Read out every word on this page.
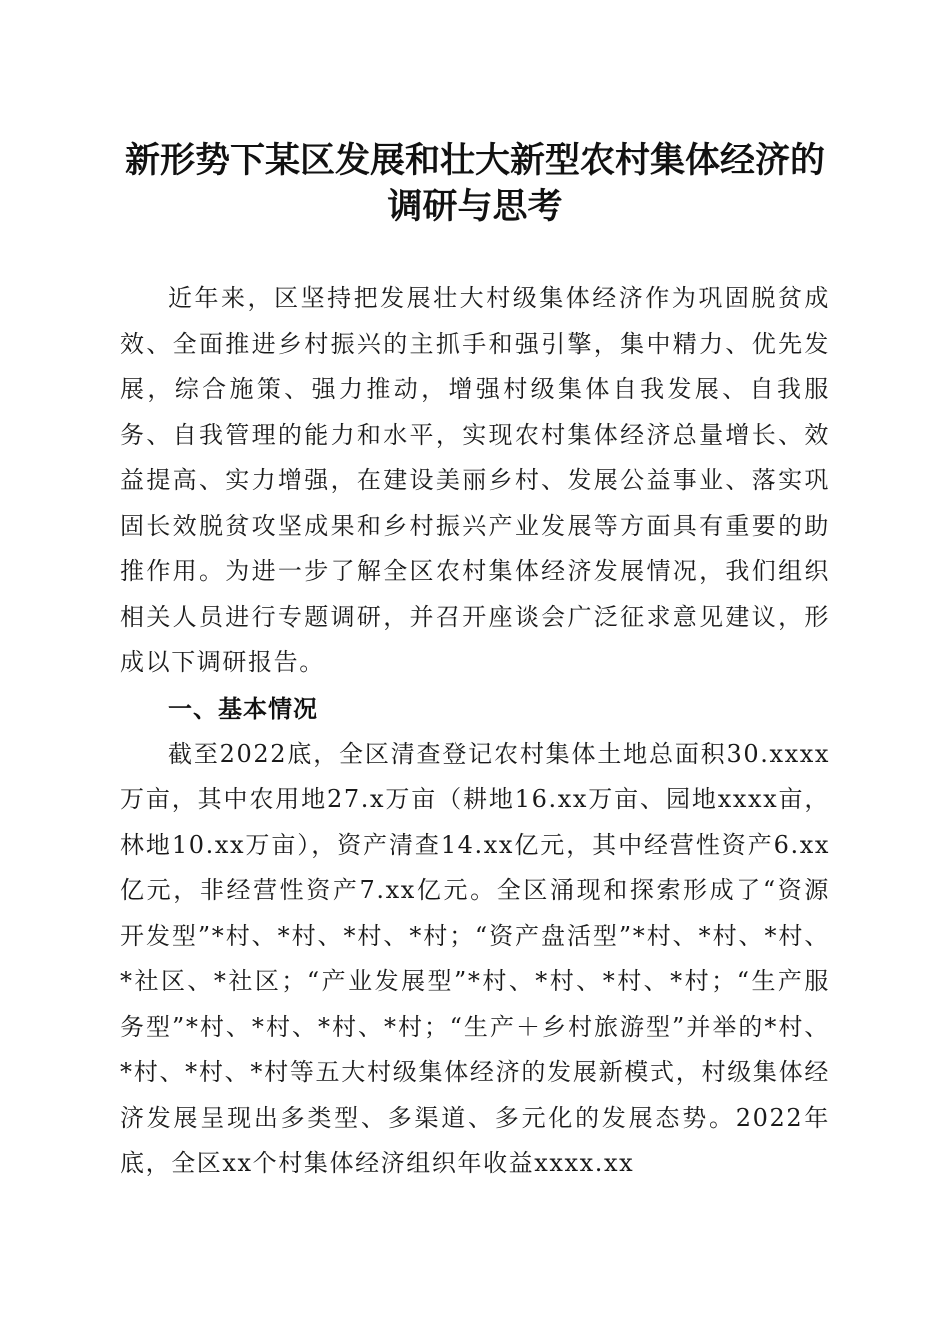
新形势下某区发展和壮大新型农村集体经济的
调研与思考

近年来，区坚持把发展壮大村级集体经济作为巩固脱贫成效、全面推进乡村振兴的主抓手和强引擎，集中精力、优先发展，综合施策、强力推动，增强村级集体自我发展、自我服务、自我管理的能力和水平，实现农村集体经济总量增长、效益提高、实力增强，在建设美丽乡村、发展公益事业、落实巩固长效脱贫攻坚成果和乡村振兴产业发展等方面具有重要的助推作用。为进一步了解全区农村集体经济发展情况，我们组织相关人员进行专题调研，并召开座谈会广泛征求意见建议，形成以下调研报告。

一、基本情况

截至2022底，全区清查登记农村集体土地总面积30.xxxx万亩，其中农用地27.x万亩（耕地16.xx万亩、园地xxxx亩，林地10.xx万亩），资产清查14.xx亿元，其中经营性资产6.xx亿元，非经营性资产7.xx亿元。全区涌现和探索形成了“资源开发型”*村、*村、*村、*村；“资产盘活型”*村、*村、*村、*社区、*社区；“产业发展型”*村、*村、*村、*村；“生产服务型”*村、*村、*村、*村；“生产＋乡村旅游型”并举的*村、*村、*村、*村等五大村级集体经济的发展新模式，村级集体经济发展呈现出多类型、多渠道、多元化的发展态势。2022年底，全区xx个村集体经济组织年收益xxxx.xx
